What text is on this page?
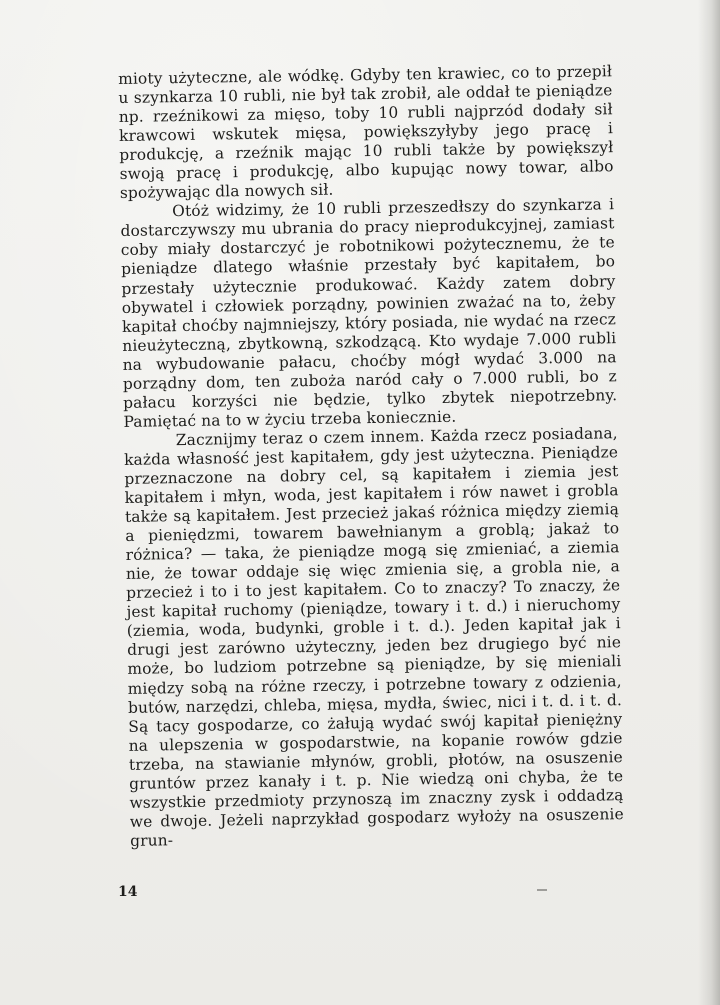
mioty użyteczne, ale wódkę. Gdyby ten krawiec, co to przepił u szynkarza 10 rubli, nie był tak zrobił, ale oddał te pieniądze np. rzeźnikowi za mięso, toby 10 rubli najprzód dodały sił krawcowi wskutek mięsa, powiększyłyby jego pracę i produkcję, a rzeźnik mając 10 rubli także by powiększył swoją pracę i produkcję, albo kupując nowy towar, albo spożywając dla nowych sił.

Otóż widzimy, że 10 rubli przeszedłszy do szynkarza i dostarczywszy mu ubrania do pracy nieprodukcyjnej, zamiast coby miały dostarczyć je robotnikowi pożytecznemu, że te pieniądze dlatego właśnie przestały być kapitałem, bo przestały użytecznie produkować. Każdy zatem dobry obywatel i człowiek porządny, powinien zważać na to, żeby kapitał choćby najmniejszy, który posiada, nie wydać na rzecz nieużyteczną, zbytkowną, szkodzącą. Kto wydaje 7.000 rubli na wybudowanie pałacu, choćby mógł wydać 3.000 na porządny dom, ten zuboża naród cały o 7.000 rubli, bo z pałacu korzyści nie będzie, tylko zbytek niepotrzebny. Pamiętać na to w życiu trzeba koniecznie.

Zacznijmy teraz o czem innem. Każda rzecz posiadana, każda własność jest kapitałem, gdy jest użyteczna. Pieniądze przeznaczone na dobry cel, są kapitałem i ziemia jest kapitałem i młyn, woda, jest kapitałem i rów nawet i grobla także są kapitałem. Jest przecież jakaś różnica między ziemią a pieniędzmi, towarem bawełnianym a groblą; jakaż to różnica? — taka, że pieniądze mogą się zmieniać, a ziemia nie, że towar oddaje się więc zmienia się, a grobla nie, a przecież i to i to jest kapitałem. Co to znaczy? To znaczy, że jest kapitał ruchomy (pieniądze, towary i t. d.) i nieruchomy (ziemia, woda, budynki, groble i t. d.). Jeden kapitał jak i drugi jest zarówno użyteczny, jeden bez drugiego być nie może, bo ludziom potrzebne są pieniądze, by się mieniali między sobą na różne rzeczy, i potrzebne towary z odzienia, butów, narzędzi, chleba, mięsa, mydła, świec, nici i t. d. i t. d. Są tacy gospodarze, co żałują wydać swój kapitał pieniężny na ulepszenia w gospodarstwie, na kopanie rowów gdzie trzeba, na stawianie młynów, grobli, płotów, na osuszenie gruntów przez kanały i t. p. Nie wiedzą oni chyba, że te wszystkie przedmioty przynoszą im znaczny zysk i oddadzą we dwoje. Jeżeli naprzykład gospodarz wyłoży na osuszenie grun-

14
